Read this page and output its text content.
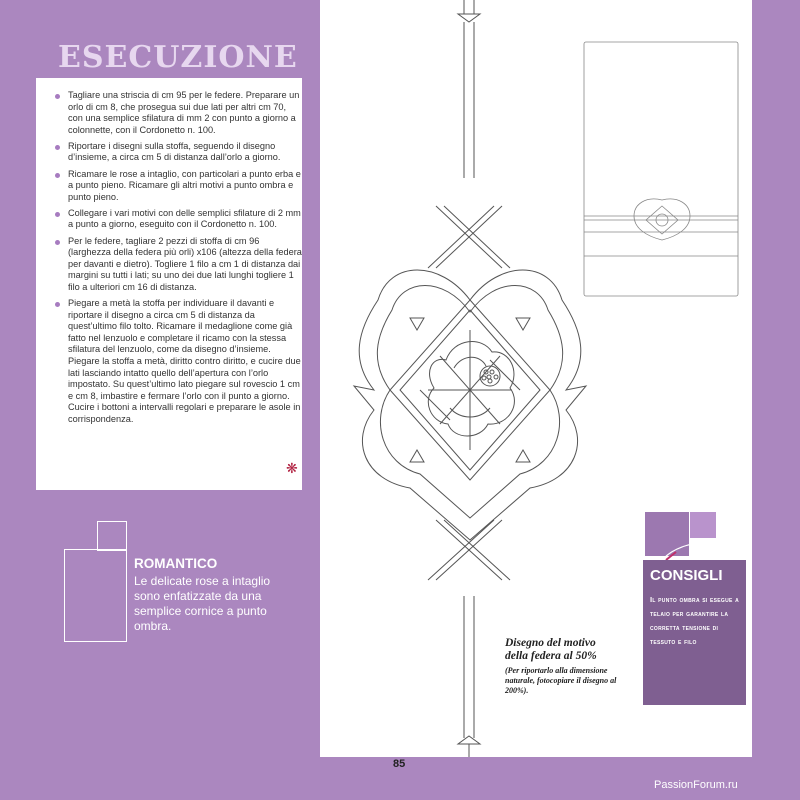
ESECUZIONE
Tagliare una striscia di cm 95 per le federe. Preparare un orlo di cm 8, che prosegua sui due lati per altri cm 70, con una semplice sfilatura di mm 2 con punto a giorno a colonnette, con il Cordonetto n. 100.
Riportare i disegni sulla stoffa, seguendo il disegno d’insieme, a circa cm 5 di distanza dall’orlo a giorno.
Ricamare le rose a intaglio, con particolari a punto erba e a punto pieno. Ricamare gli altri motivi a punto ombra e punto pieno.
Collegare i vari motivi con delle semplici sfilature di 2 mm a punto a giorno, eseguito con il Cordonetto n. 100.
Per le federe, tagliare 2 pezzi di stoffa di cm 96 (larghezza della federa più orli) x106 (altezza della federa per davanti e dietro). Togliere 1 filo a cm 1 di distanza dai margini su tutti i lati; su uno dei due lati lunghi togliere 1 filo a ulteriori cm 16 di distanza.
Piegare a metà la stoffa per individuare il davanti e riportare il disegno a circa cm 5 di distanza da quest’ultimo filo tolto. Ricamare il medaglione come già fatto nel lenzuolo e completare il ricamo con la stessa sfilatura del lenzuolo, come da disegno d’insieme. Piegare la stoffa a metà, diritto contro diritto, e cucire due lati lasciando intatto quello dell’apertura con l’orlo impostato. Su quest’ultimo lato piegare sul rovescio 1 cm e cm 8, imbastire e fermare l’orlo con il punto a giorno. Cucire i bottoni a intervalli regolari e preparare le asole in corrispondenza.
❋
ROMANTICO
Le delicate rose a intaglio sono enfatizzate da una semplice cornice a punto ombra.
Disegno d’insieme della federa
CONSIGLI
Il punto ombra si esegue a telaio per garantire la corretta tensione di tessuto e filo
Disegno del motivo della federa al 50%
(Per riportarlo alla dimensione naturale, fotocopiare il disegno al 200%).
85
PassionForum.ru
